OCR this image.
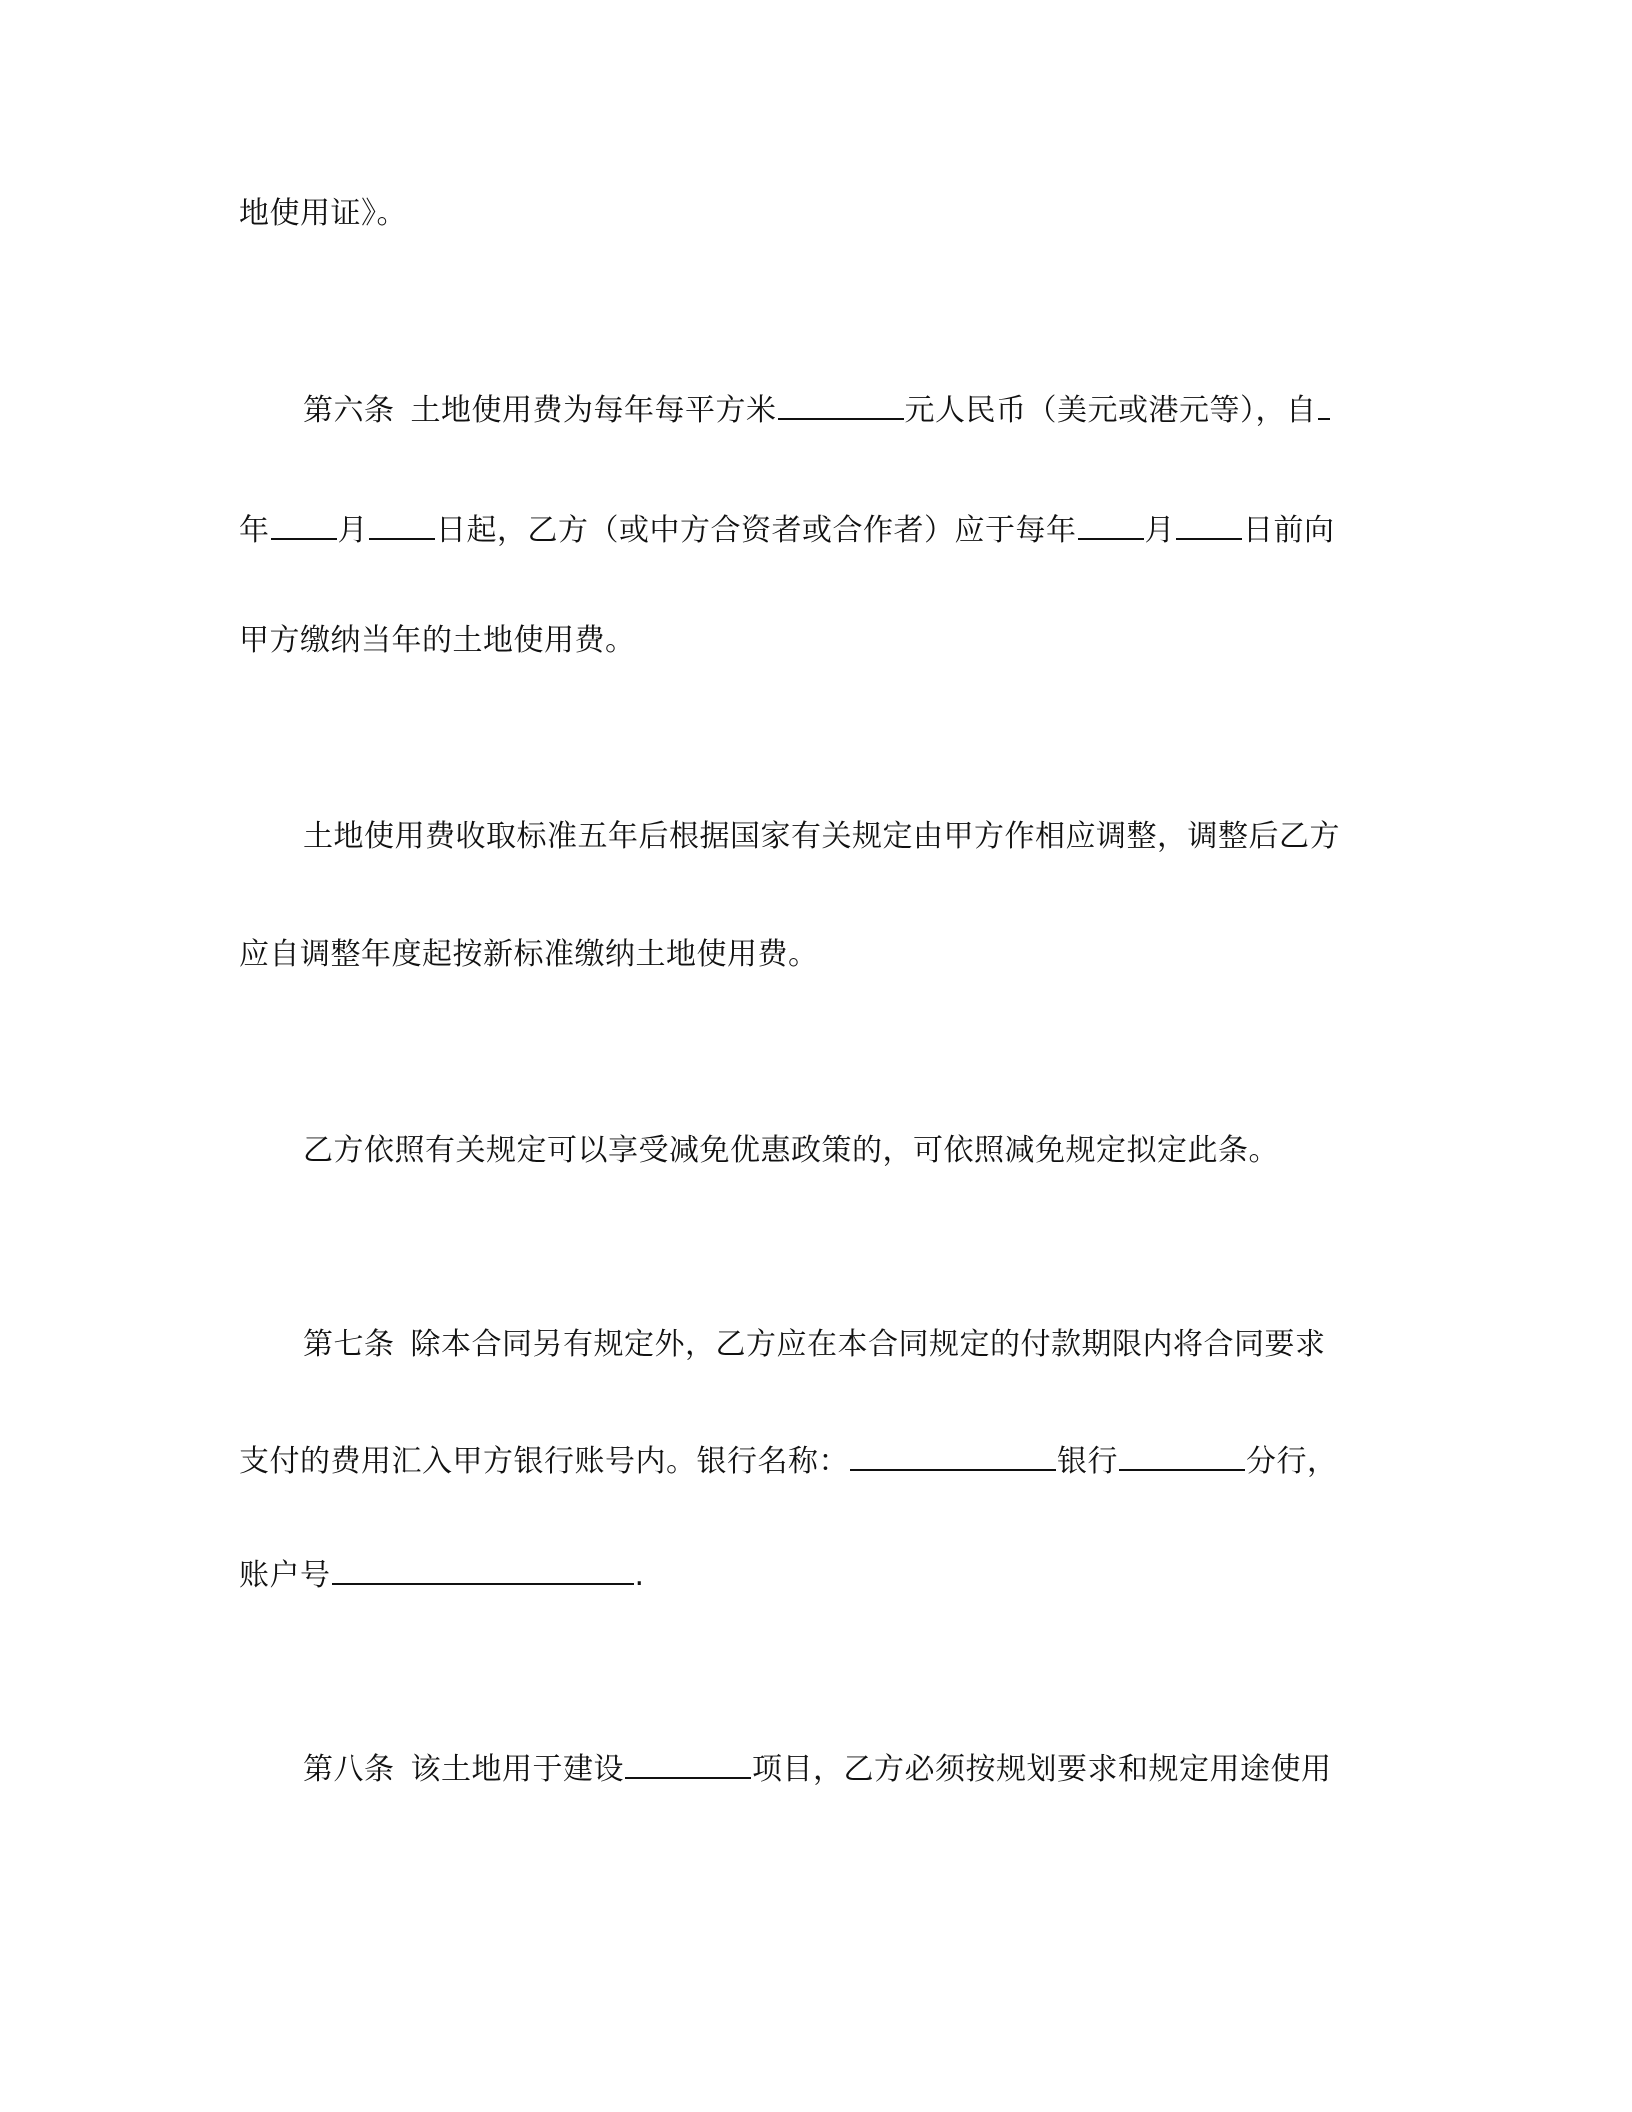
地使用证》。
第六条 土地使用费为每年每平方米	元人民币（美元或港元等），自
年 月 日起，乙方（或中方合资者或合作者）应于每年 月 日前向
甲方缴纳当年的土地使用费。
土地使用费收取标准五年后根据国家有关规定由甲方作相应调整，调整后乙方
应自调整年度起按新标准缴纳土地使用费。
乙方依照有关规定可以享受减免优惠政策的，可依照减免规定拟定此条。
第七条 除本合同另有规定外，乙方应在本合同规定的付款期限内将合同要求
支付的费用汇入甲方银行账号内。银行名称：	银行	分行，
账户号	.
第八条 该土地用于建设	项目，乙方必须按规划要求和规定用途使用
